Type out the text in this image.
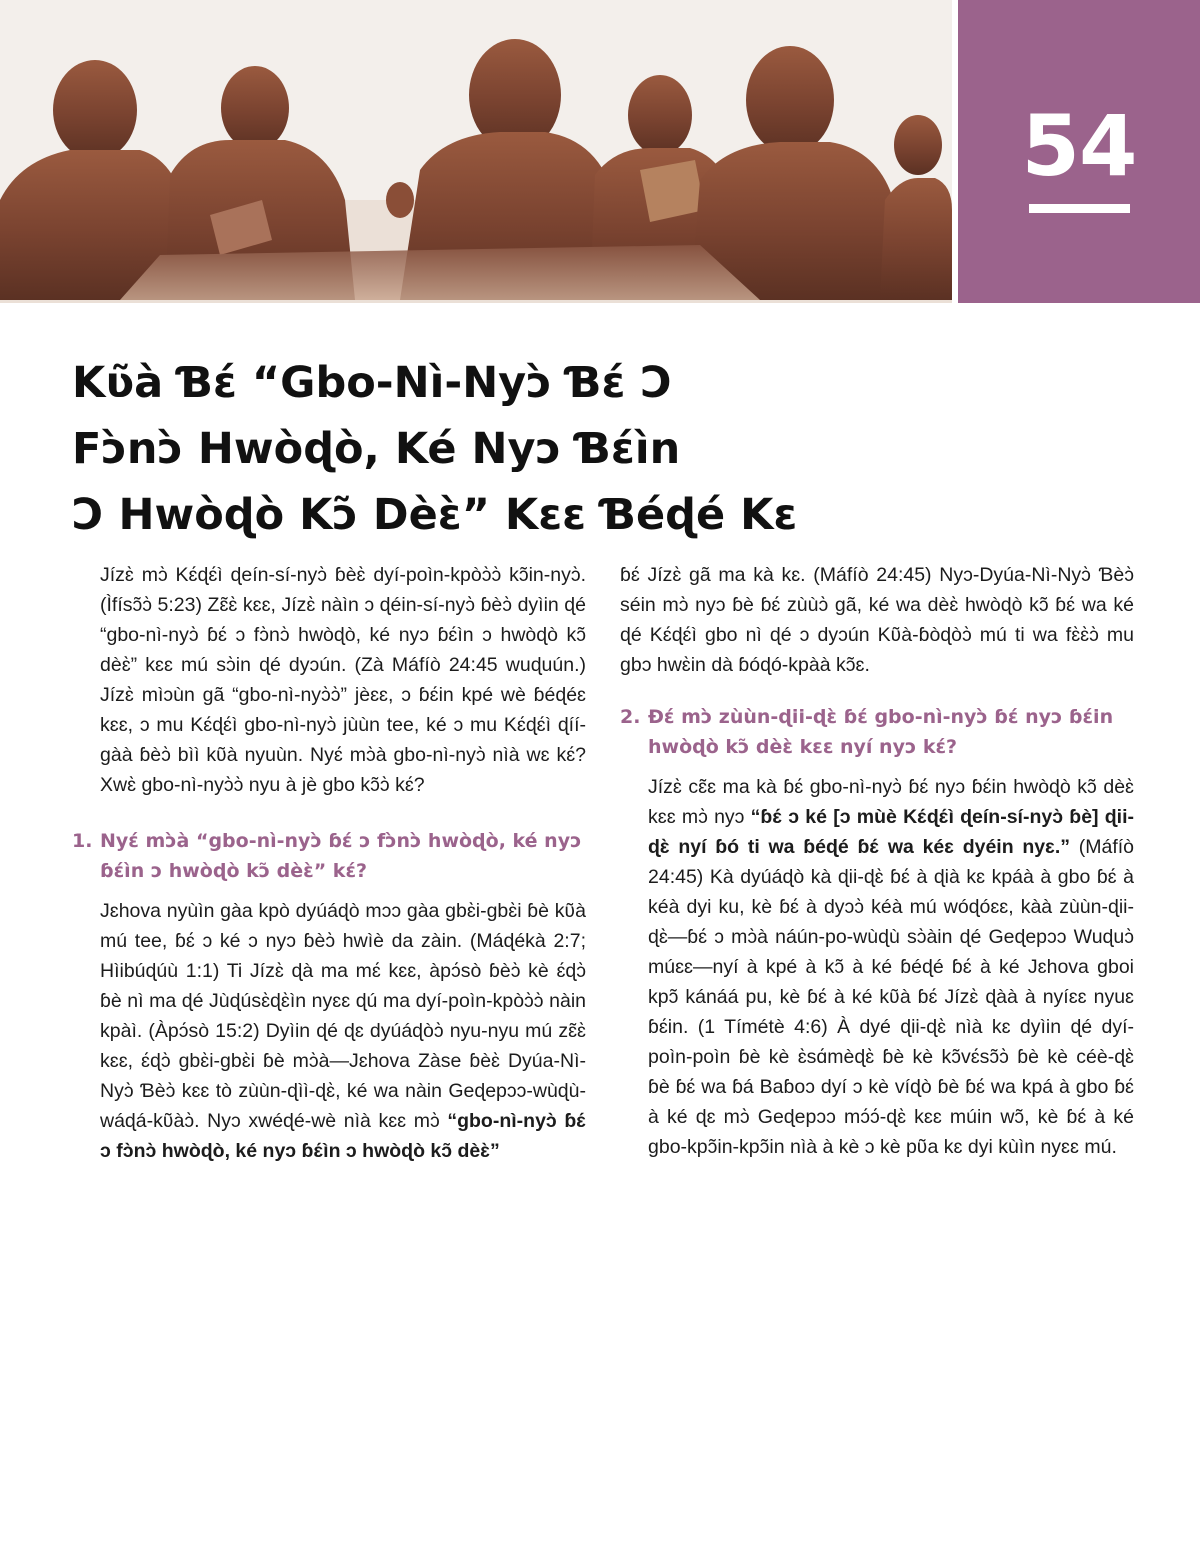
54
Kʋ̃à Ɓɛ́ “Gbo-Nì-Nyɔ̀ Ɓɛ́ Ɔ
Fɔ̀nɔ̀ Hwòɖò, Ké Nyɔ Ɓɛ́ìn
Ɔ Hwòɖò Kɔ̃ Dèɛ̀” Kɛɛ Ɓéɖé Kɛ

Jízɛ̀ mɔ̀ Kɛ́ɖɛ́ì ɖeín-sí-nyɔ̀ ɓèɛ̀ dyí-poìn-kpòɔ̀ɔ̀ kɔ̃in-nyɔ̀. (Ìfísɔ̃ɔ̀ 5:23) Zɛ̃ɛ̀ kɛɛ, Jízɛ̀ nàìn ɔ ɖéin-sí-nyɔ̀ ɓèɔ̀ dyìin ɖé “gbo-nì-nyɔ̀ ɓɛ́ ɔ fɔ̀nɔ̀ hwòɖò, ké nyɔ ɓɛ́ìn ɔ hwòɖò kɔ̃ dèɛ̀” kɛɛ mú sɔ̀in ɖé dyɔún. (Zà Máfíò 24:45 wuɖuún.) Jízɛ̀ mìɔùn gã “gbo-nì-nyɔ̀ɔ̀” jèɛɛ, ɔ ɓɛ́in kpé wè ɓéɖéɛ kɛɛ, ɔ mu Kɛ́ɖɛ́ì gbo-nì-nyɔ̀ jùùn tee, ké ɔ mu Kɛ́ɖɛ́ì ɖíí-gàà ɓèɔ̀ bìì kʋ̃à nyuùn. Nyɛ́ mɔ̀à gbo-nì-nyɔ̀ nìà wɛ kɛ́? Xwɛ̀ gbo-nì-nyɔ̀ɔ̀ nyu à jè gbo kɔ̃ɔ̀ kɛ́?

1. Nyɛ́ mɔ̀à “gbo-nì-nyɔ̀ ɓɛ́ ɔ fɔ̀nɔ̀ hwòɖò, ké nyɔ ɓɛ́ìn ɔ hwòɖò kɔ̃ dèɛ̀” kɛ́?

Jɛhova nyùìn gàa kpò dyúáɖò mɔɔ gàa gbɛ̀i-gbɛ̀i ɓè kʋ̃à mú tee, ɓɛ́ ɔ ké ɔ nyɔ ɓèɔ̀ hwìè da zàin. (Máɖékà 2:7; Hìibúɖúù 1:1) Ti Jízɛ̀ ɖà ma mɛ́ kɛɛ, àpɔ́sò ɓèɔ̀ kè ɛ́ɖɔ̀ ɓè nì ma ɖé Jùɖúsɛ̀ɖɛ̀ìn nyɛɛ ɖú ma dyí-poìn-kpòɔ̀ɔ̀ nàin kpàì. (Àpɔ́sò 15:2) Dyìin ɖé ɖɛ dyúáɖòɔ̀ nyu-nyu mú zɛ̃ɛ̀ kɛɛ, ɛ́ɖɔ̀ gbɛ̀i-gbɛ̀i ɓè mɔ̀à—Jɛhova Zàse ɓèɛ̀ Dyúa-Nì-Nyɔ̀ Ɓèɔ̀ kɛɛ tò zùùn-ɖìì-ɖɛ̀, ké wa nàin Geɖepɔɔ-wùɖù-wáɖá-kʋ̃àɔ̀. Nyɔ xwéɖé-wè nìà kɛɛ mɔ̀ “gbo-nì-nyɔ̀ ɓɛ́ ɔ fɔ̀nɔ̀ hwòɖò, ké nyɔ ɓɛ́ìn ɔ hwòɖò kɔ̃ dèɛ̀”

ɓɛ́ Jízɛ̀ gã ma kà kɛ. (Máfíò 24:45) Nyɔ-Dyúa-Nì-Nyɔ̀ Ɓèɔ̀ séin mɔ̀ nyɔ ɓè ɓɛ́ zùùɔ̀ gã, ké wa dèɛ̀ hwòɖò kɔ̃ ɓɛ́ wa ké ɖé Kɛ́ɖɛ́ì gbo nì ɖé ɔ dyɔún Kʋ̃à-ɓòɖòɔ̀ mú ti wa fɛ̀ɛ̀ɔ̀ mu gbɔ hwɛ̀in dà ɓóɖó-kpàà kɔ̃ɛ.

2. Ɖɛ́ mɔ̀ zùùn-ɖii-ɖɛ̀ ɓɛ́ gbo-nì-nyɔ̀ ɓɛ́ nyɔ ɓɛ́in hwòɖò kɔ̃ dèɛ̀ kɛɛ nyí nyɔ kɛ́?

Jízɛ̀ cɛ̃ɛ ma kà ɓɛ́ gbo-nì-nyɔ̀ ɓɛ́ nyɔ ɓɛ́in hwòɖò kɔ̃ dèɛ̀ kɛɛ mɔ̀ nyɔ “ɓɛ́ ɔ ké [ɔ mùè Kɛ́ɖɛ́ì ɖeín-sí-nyɔ̀ ɓè] ɖii-ɖɛ̀ nyí ɓó ti wa ɓéɖé ɓɛ́ wa kéɛ dyéin nyɛ.” (Máfíò 24:45) Kà dyúáɖò kà ɖii-ɖɛ̀ ɓɛ́ à ɖià kɛ kpáà à gbo ɓɛ́ à kéà dyi ku, kè ɓɛ́ à dyɔɔ̀ kéà mú wóɖóɛɛ, kàà zùùn-ɖii-ɖɛ̀—ɓɛ́ ɔ mɔ̀à náún-po-wùɖù sɔ̀àin ɖé Geɖepɔɔ Wuɖuɔ̀ múɛɛ—nyí à kpé à kɔ̃ à ké ɓéɖé ɓɛ́ à ké Jɛhova gboi kpɔ̃ kánáá pu, kè ɓɛ́ à ké kʋ̃à ɓɛ́ Jízɛ̀ ɖàà à nyíɛɛ nyuɛ ɓɛ́in. (1 Tímétè 4:6) À dyé ɖii-ɖɛ̀ nìà kɛ dyìin ɖé dyí-poìn-poìn ɓè kè ɛ̀sɑ́mèɖɛ̀ ɓè kè kɔ̃vɛ́sɔ̃ɔ̀ ɓè kè céè-ɖɛ̀ ɓè ɓɛ́ wa ɓá Baɓoɔ dyí ɔ kè víɖò ɓè ɓɛ́ wa kpá à gbo ɓɛ́ à ké ɖɛ mɔ̀ Geɖepɔɔ mɔ́ɔ́-ɖɛ̀ kɛɛ múin wɔ̃, kè ɓɛ́ à ké gbo-kpɔ̃in-kpɔ̃in nìà à kè ɔ kè pʋ̃a kɛ dyi kùìn nyɛɛ mú.
